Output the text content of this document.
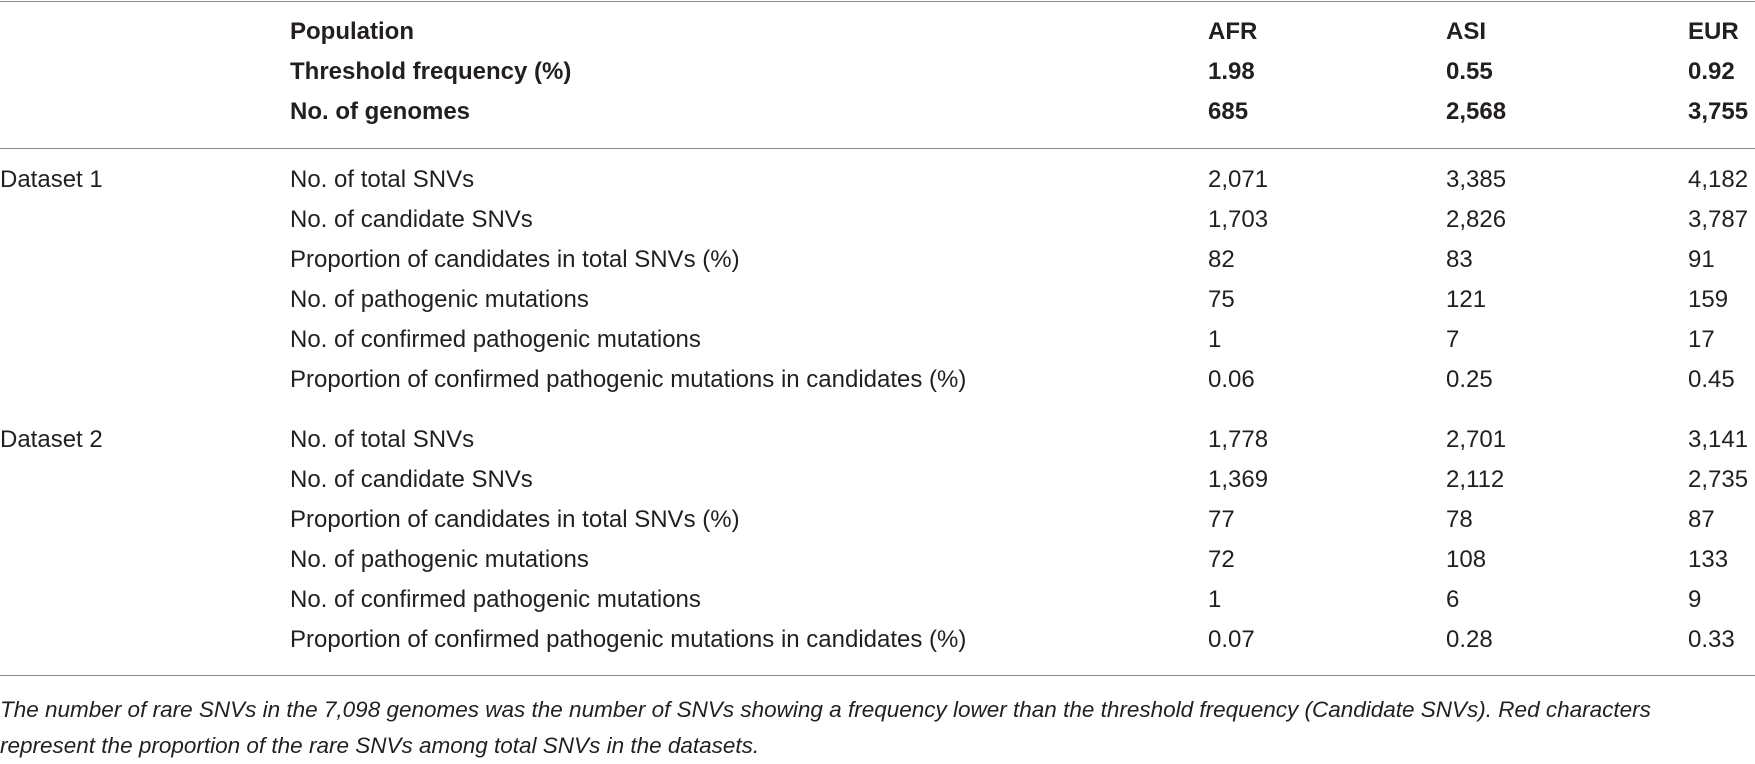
Population	AFR	ASI	EUR
Threshold frequency (%)	1.98	0.55	0.92
No. of genomes	685	2,568	3,755
Dataset 1	No. of total SNVs	2,071	3,385	4,182
No. of candidate SNVs	1,703	2,826	3,787
Proportion of candidates in total SNVs (%)	82	83	91
No. of pathogenic mutations	75	121	159
No. of confirmed pathogenic mutations	1	7	17
Proportion of confirmed pathogenic mutations in candidates (%)	0.06	0.25	0.45
Dataset 2	No. of total SNVs	1,778	2,701	3,141
No. of candidate SNVs	1,369	2,112	2,735
Proportion of candidates in total SNVs (%)	77	78	87
No. of pathogenic mutations	72	108	133
No. of confirmed pathogenic mutations	1	6	9
Proportion of confirmed pathogenic mutations in candidates (%)	0.07	0.28	0.33

The number of rare SNVs in the 7,098 genomes was the number of SNVs showing a frequency lower than the threshold frequency (Candidate SNVs). Red characters

represent the proportion of the rare SNVs among total SNVs in the datasets.
